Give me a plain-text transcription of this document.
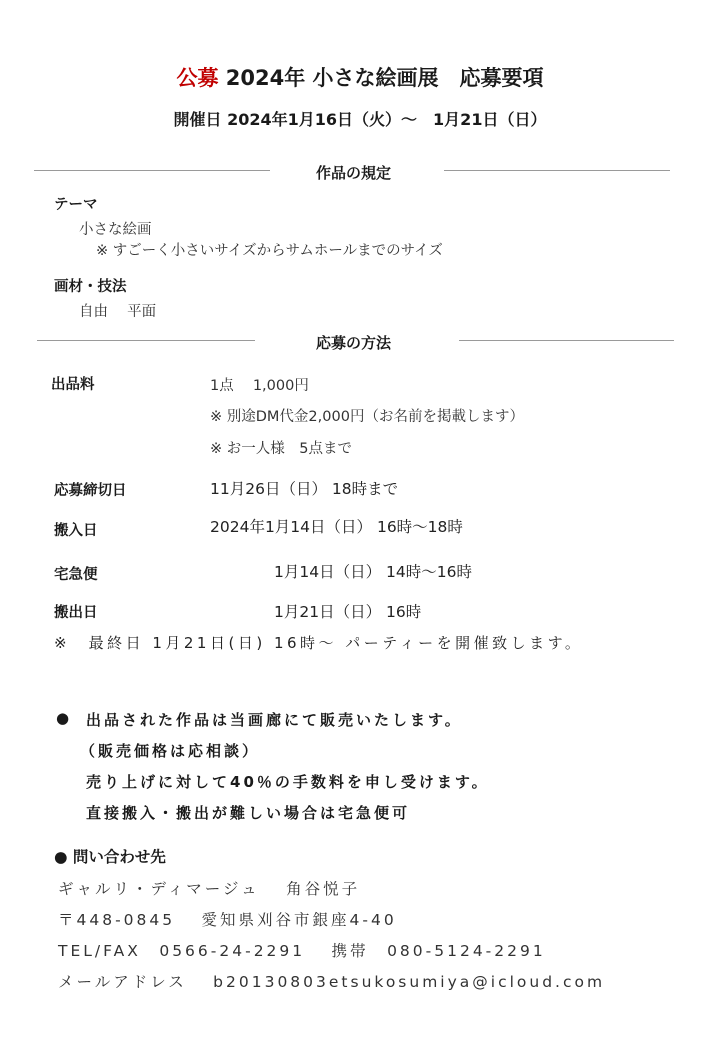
公募 2024年 小さな絵画展　応募要項
開催日 2024年1月16日（火）～　1月21日（日）
作品の規定
テーマ
小さな絵画
※ すごーく小さいサイズからサムホールまでのサイズ
画材・技法
自由　 平面
応募の方法
出品料	1点　 1,000円
※ 別途DM代金2,000円（お名前を掲載します）
※ お一人様　5点まで
応募締切日	11月26日（日） 18時まで
搬入日	2024年1月14日（日） 16時～18時
宅急便	1月14日（日） 14時～16時
搬出日	1月21日（日） 16時
※　最終日 1月21日(日) 16時～ パーティーを開催致します。
● 出品された作品は当画廊にて販売いたします。
（販売価格は応相談）
売り上げに対して40％の手数料を申し受けます。
直接搬入・搬出が難しい場合は宅急便可
● 問い合わせ先
ギャルリ・ディマージュ　 角谷悦子
〒448-0845　 愛知県刈谷市銀座4-40
TEL/FAX　0566-24-2291　 携帯　080-5124-2291
メールアドレス　 b20130803etsukosumiya@icloud.com
